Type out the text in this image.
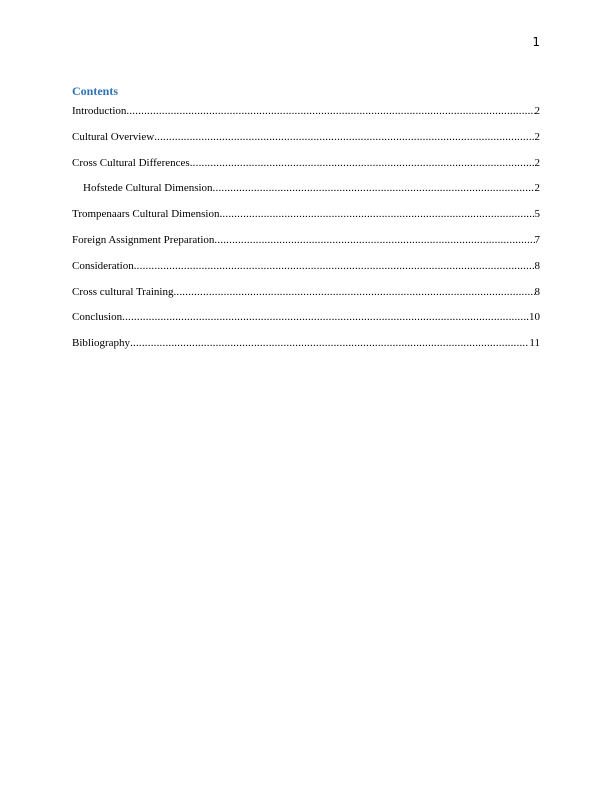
1
Contents
Introduction .....	2
Cultural Overview .....	2
Cross Cultural Differences .....	2
Hofstede Cultural Dimension .....	2
Trompenaars Cultural Dimension .....	5
Foreign Assignment Preparation .....	7
Consideration .....	8
Cross cultural Training .....	8
Conclusion .....	10
Bibliography .....	11
